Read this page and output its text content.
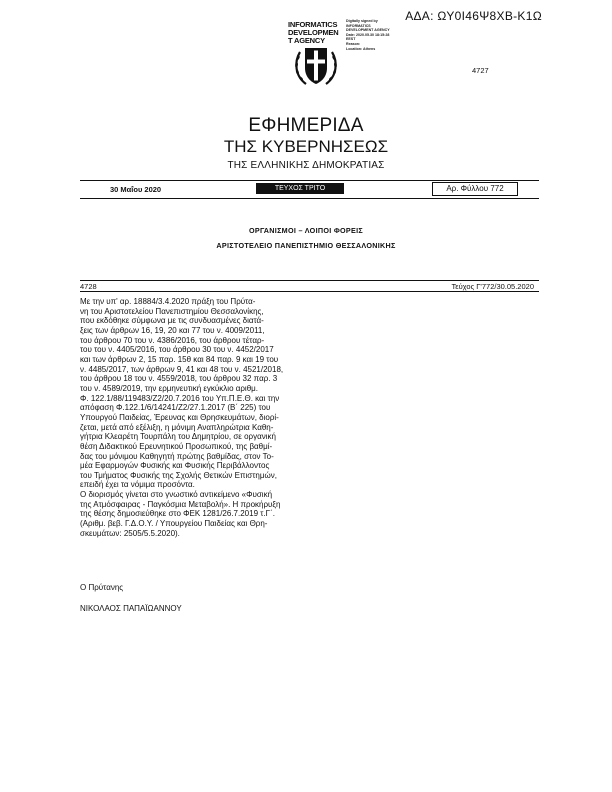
ΑΔΑ: ΩΥ0Ι46Ψ8ΧΒ-Κ1Ω
INFORMATICS
DEVELOPMEN
T AGENCY
Digitally signed by
INFORMATICS
DEVELOPMENT AGENCY
Date: 2020.05.30 18:15:28
EEST
Reason:
Location: Athens
4727
ΕΦΗΜΕΡΙΔΑ
ΤΗΣ ΚΥΒΕΡΝΗΣΕΩΣ
ΤΗΣ ΕΛΛΗΝΙΚΗΣ ΔΗΜΟΚΡΑΤΙΑΣ
30 Μαΐου 2020	ΤΕΥΧΟΣ ΤΡΙΤΟ	Αρ. Φύλλου 772
ΟΡΓΑΝΙΣΜΟΙ – ΛΟΙΠΟΙ ΦΟΡΕΙΣ
ΑΡΙΣΤΟΤΕΛΕΙΟ ΠΑΝΕΠΙΣΤΗΜΙΟ ΘΕΣΣΑΛΟΝΙΚΗΣ
4728	Τεύχος Γ'772/30.05.2020

Με την υπ' αρ. 18884/3.4.2020 πράξη του Πρύτα-

νη του Αριστοτελείου Πανεπιστημίου Θεσσαλονίκης,

που εκδόθηκε σύμφωνα με τις συνδυασμένες διατά-

ξεις των άρθρων 16, 19, 20 και 77 του ν. 4009/2011,

του άρθρου 70 του ν. 4386/2016, του άρθρου τέταρ-

του του ν. 4405/2016, του άρθρου 30 του ν. 4452/2017

και των άρθρων 2, 15 παρ. 15θ και 84 παρ. 9 και 19 του

ν. 4485/2017, των άρθρων 9, 41 και 48 του ν. 4521/2018,

του άρθρου 18 του ν. 4559/2018, του άρθρου 32 παρ. 3

του ν. 4589/2019, την ερμηνευτική εγκύκλιο αριθμ.

Φ. 122.1/88/119483/Ζ2/20.7.2016 του Υπ.Π.Ε.Θ. και την

απόφαση Φ.122.1/6/14241/Ζ2/27.1.2017 (Β΄ 225) του

Υπουργού Παιδείας, Έρευνας και Θρησκευμάτων, διορί-

ζεται, μετά από εξέλιξη, η μόνιμη Αναπληρώτρια Καθη-

γήτρια Κλεαρέτη Τουρπάλη του Δημητρίου, σε οργανική

θέση Διδακτικού Ερευνητικού Προσωπικού, της βαθμί-

δας του μόνιμου Καθηγητή πρώτης βαθμίδας, στον Το-

μέα Εφαρμογών Φυσικής και Φυσικής Περιβάλλοντος

του Τμήματος Φυσικής της Σχολής Θετικών Επιστημών,

επειδή έχει τα νόμιμα προσόντα.

Ο διορισμός γίνεται στο γνωστικό αντικείμενο «Φυσική

της Ατμόσφαιρας - Παγκόσμια Μεταβολή». Η προκήρυξη

της θέσης δημοσιεύθηκε στο ΦΕΚ 1281/26.7.2019 τ.Γ΄.

(Αριθμ. βεβ. Γ.Δ.Ο.Υ. / Υπουργείου Παιδείας και Θρη-

σκευμάτων: 2505/5.5.2020).

Ο Πρύτανης
ΝΙΚΟΛΑΟΣ ΠΑΠΑΪΩΑΝΝΟΥ
